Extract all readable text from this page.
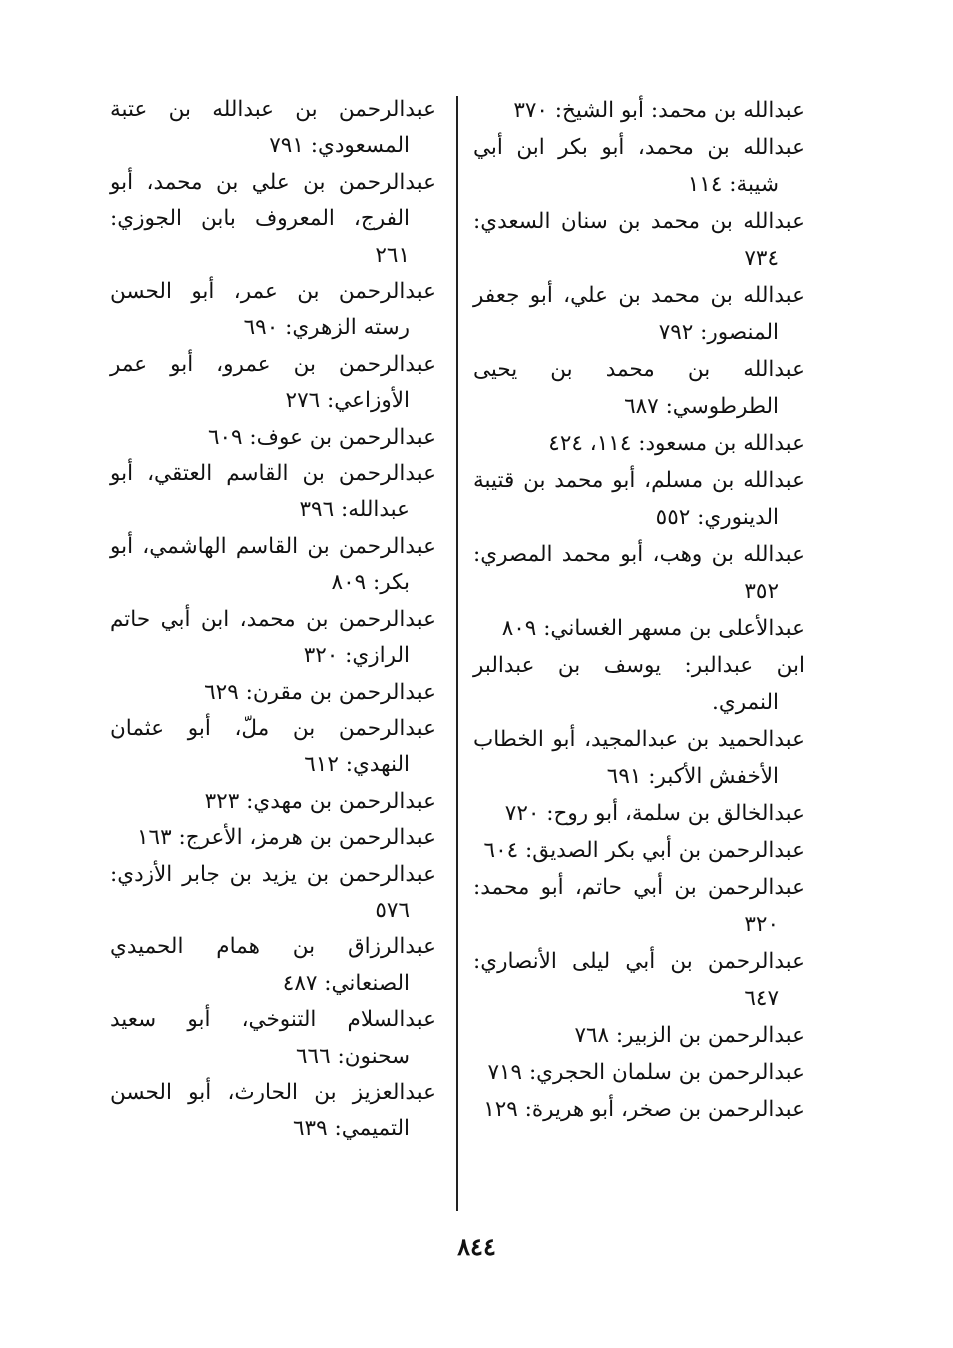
عبدالله بن محمد: أبو الشيخ: ٣٧٠

عبدالله بن محمد، أبو بكر ابن أبي شيبة: ١١٤

عبدالله بن محمد بن سنان السعدي: ٧٣٤

عبدالله بن محمد بن علي، أبو جعفر المنصور: ٧٩٢

عبدالله بن محمد بن يحيى الطرطوسي: ٦٨٧

عبدالله بن مسعود: ١١٤، ٤٢٤

عبدالله بن مسلم، أبو محمد بن قتيبة الدينوري: ٥٥٢

عبدالله بن وهب، أبو محمد المصري: ٣٥٢

عبدالأعلى بن مسهر الغساني: ٨٠٩

ابن عبدالبر: يوسف بن عبدالبر النمري.

عبدالحميد بن عبدالمجيد، أبو الخطاب الأخفش الأكبر: ٦٩١

عبدالخالق بن سلمة، أبو روح: ٧٢٠

عبدالرحمن بن أبي بكر الصديق: ٦٠٤

عبدالرحمن بن أبي حاتم، أبو محمد: ٣٢٠

عبدالرحمن بن أبي ليلى الأنصاري: ٦٤٧

عبدالرحمن بن الزبير: ٧٦٨

عبدالرحمن بن سلمان الحجري: ٧١٩

عبدالرحمن بن صخر، أبو هريرة: ١٢٩

عبدالرحمن بن عبدالله بن عتبة المسعودي: ٧٩١

عبدالرحمن بن علي بن محمد، أبو الفرج، المعروف بابن الجوزي: ٢٦١

عبدالرحمن بن عمر، أبو الحسن رسته الزهري: ٦٩٠

عبدالرحمن بن عمرو، أبو عمر الأوزاعي: ٢٧٦

عبدالرحمن بن عوف: ٦٠٩

عبدالرحمن بن القاسم العتقي، أبو عبدالله: ٣٩٦

عبدالرحمن بن القاسم الهاشمي، أبو بكر: ٨٠٩

عبدالرحمن بن محمد، ابن أبي حاتم الرازي: ٣٢٠

عبدالرحمن بن مقرن: ٦٢٩

عبدالرحمن بن ملّ، أبو عثمان النهدي: ٦١٢

عبدالرحمن بن مهدي: ٣٢٣

عبدالرحمن بن هرمز، الأعرج: ١٦٣

عبدالرحمن بن يزيد بن جابر الأزدي: ٥٧٦

عبدالرزاق بن همام الحميدي الصنعاني: ٤٨٧

عبدالسلام التنوخي، أبو سعيد سحنون: ٦٦٦

عبدالعزيز بن الحارث، أبو الحسن التميمي: ٦٣٩

٨٤٤
